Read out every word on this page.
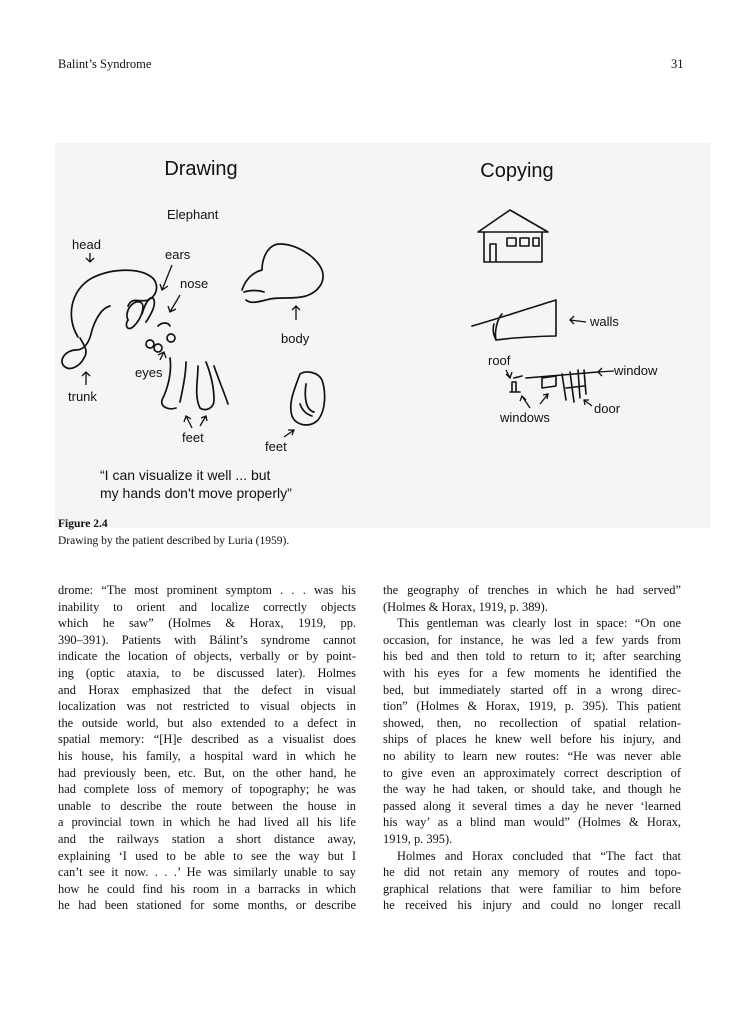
Balint’s Syndrome	31
Drawing	Copying
Elephant
head
ears
nose
body
eyes
trunk
feet
feet
walls
roof
window
door
windows
“I can visualize it well ... but
my hands don't move properly”
Figure 2.4
Drawing by the patient described by Luria (1959).
drome: “The most prominent symptom . . . was his
inability to orient and localize correctly objects
which he saw” (Holmes & Horax, 1919, pp.
390–391). Patients with Bálint’s syndrome cannot
indicate the location of objects, verbally or by point-
ing (optic ataxia, to be discussed later). Holmes
and Horax emphasized that the defect in visual
localization was not restricted to visual objects in
the outside world, but also extended to a defect in
spatial memory: “[H]e described as a visualist does
his house, his family, a hospital ward in which he
had previously been, etc. But, on the other hand, he
had complete loss of memory of topography; he was
unable to describe the route between the house in
a provincial town in which he had lived all his life
and the railways station a short distance away,
explaining ‘I used to be able to see the way but I
can’t see it now. . . .’ He was similarly unable to say
how he could find his room in a barracks in which
he had been stationed for some months, or describe
the geography of trenches in which he had served”
(Holmes & Horax, 1919, p. 389).
This gentleman was clearly lost in space: “On one
occasion, for instance, he was led a few yards from
his bed and then told to return to it; after searching
with his eyes for a few moments he identified the
bed, but immediately started off in a wrong direc-
tion” (Holmes & Horax, 1919, p. 395). This patient
showed, then, no recollection of spatial relation-
ships of places he knew well before his injury, and
no ability to learn new routes: “He was never able
to give even an approximately correct description of
the way he had taken, or should take, and though he
passed along it several times a day he never ‘learned
his way’ as a blind man would” (Holmes & Horax,
1919, p. 395).
Holmes and Horax concluded that “The fact that
he did not retain any memory of routes and topo-
graphical relations that were familiar to him before
he received his injury and could no longer recall
